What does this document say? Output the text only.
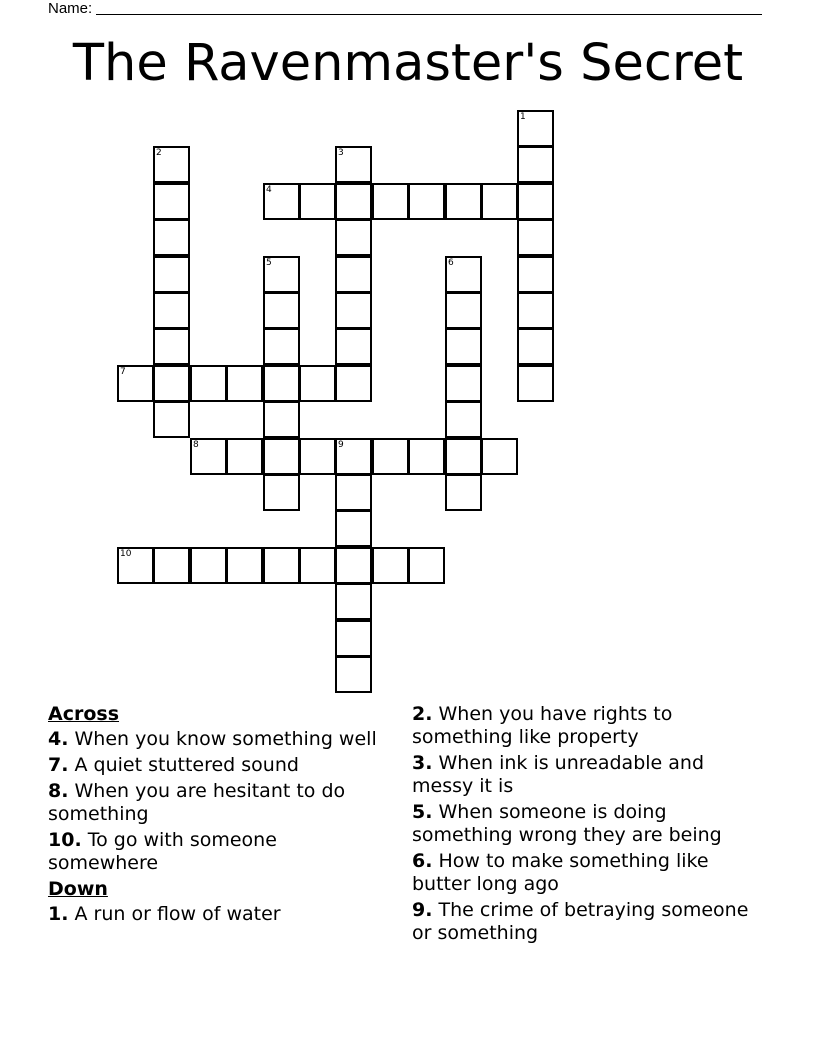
Name:
The Ravenmaster's Secret
1
2	3
4
5	6
7
8	9
10
Across
4. When you know something well
7. A quiet stuttered sound
8. When you are hesitant to do something
10. To go with someone somewhere
Down
1. A run or flow of water
2. When you have rights to something like property
3. When ink is unreadable and messy it is
5. When someone is doing something wrong they are being
6. How to make something like butter long ago
9. The crime of betraying someone or something
